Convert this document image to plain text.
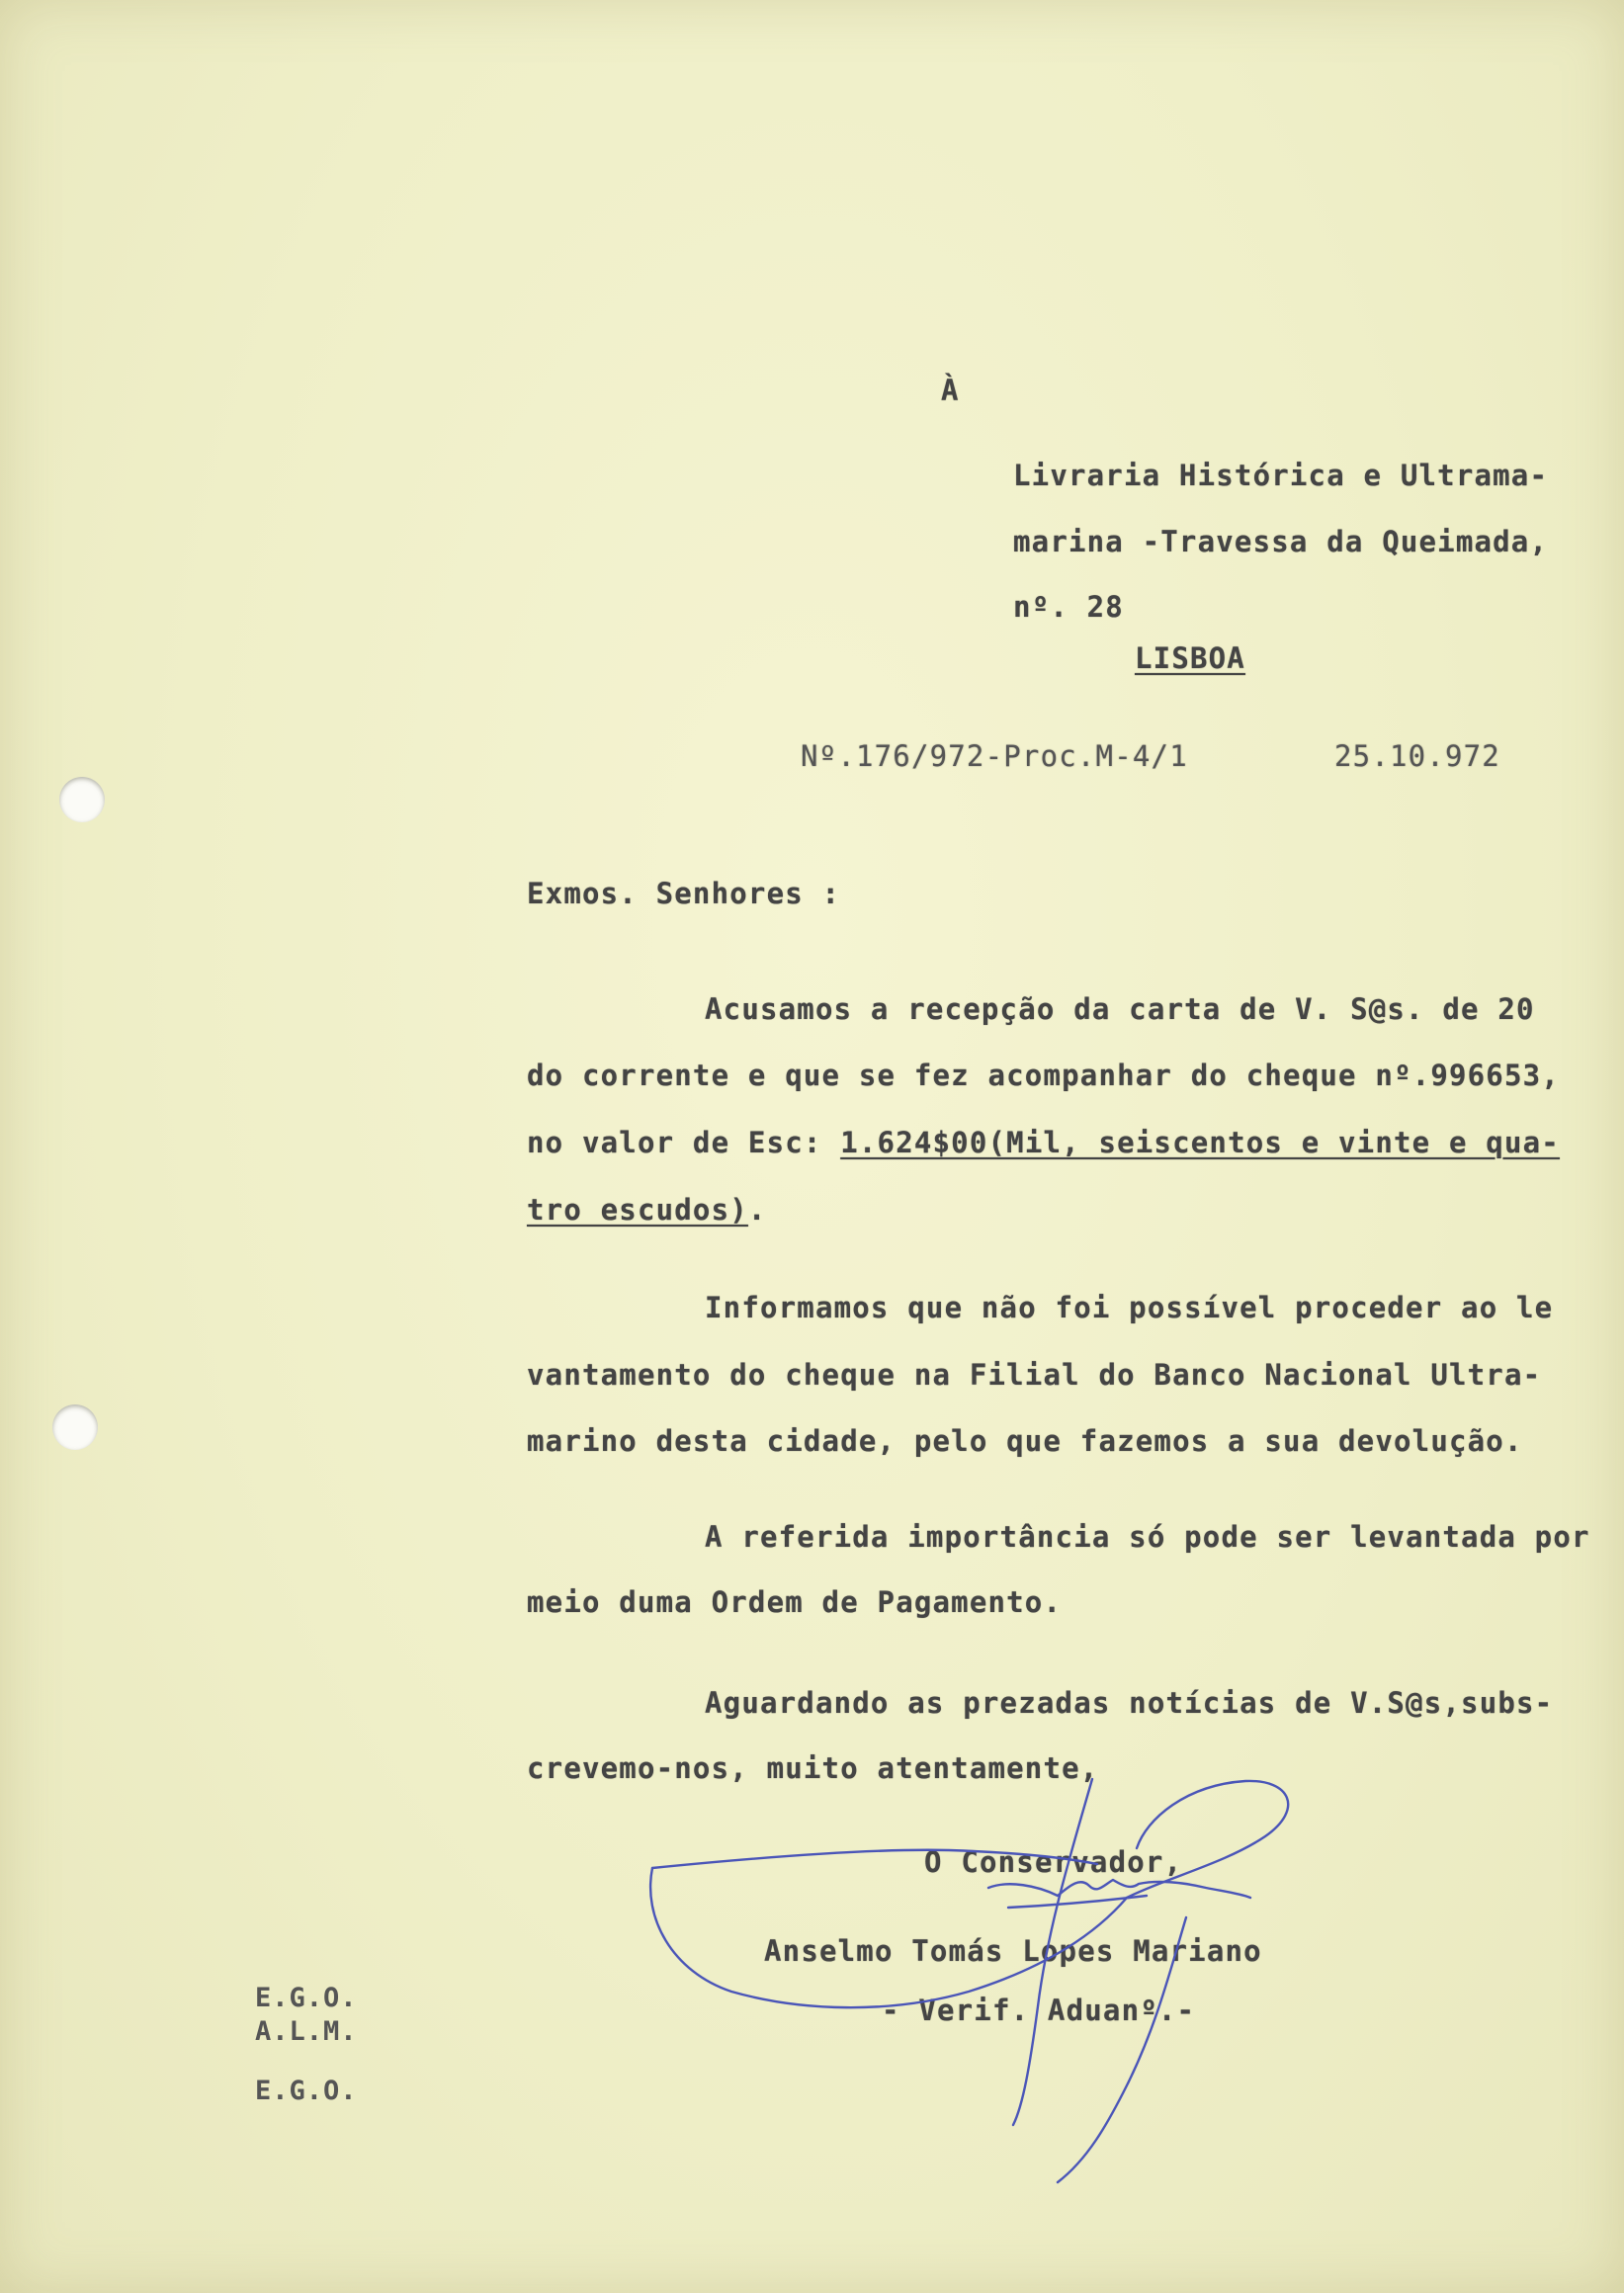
À
Livraria Histórica e Ultrama-
marina -Travessa da Queimada,
nº. 28
LISBOA
Nº.176/972-Proc.M-4/1	25.10.972
Exmos. Senhores :
Acusamos a recepção da carta de V. S@s. de 20
do corrente e que se fez acompanhar do cheque nº.996653,
no valor de Esc: 1.624$00(Mil, seiscentos e vinte e qua-
tro escudos).
Informamos que não foi possível proceder ao le
vantamento do cheque na Filial do Banco Nacional Ultra-
marino desta cidade, pelo que fazemos a sua devolução.
A referida importância só pode ser levantada por
meio duma Ordem de Pagamento.
Aguardando as prezadas notícias de V.S@s,subs-
crevemo-nos, muito atentamente,
O Conservador,
Anselmo Tomás Lopes Mariano
- Verif. Aduanº.-
E.G.O.
A.L.M.
E.G.O.
